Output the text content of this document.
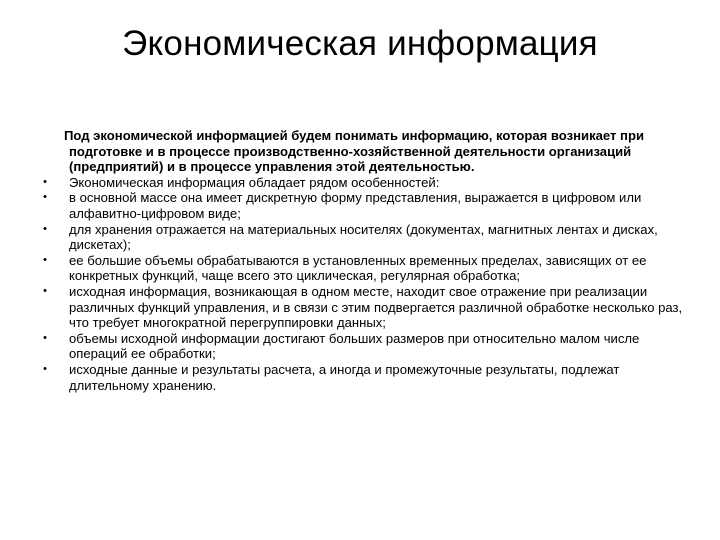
Экономическая информация

Под экономической информацией будем понимать информацию, которая возникает при подготовке и в процессе производственно-хозяйственной деятельности организаций (предприятий) и в процессе управления этой деятельностью.

•	Экономическая информация обладает рядом особенностей:
•	в основной массе она имеет дискретную форму представления, выражается в цифровом или алфавитно-цифровом виде;
•	для хранения отражается на материальных носителях (документах, магнитных лентах и дисках, дискетах);
•	ее большие объемы обрабатываются в установленных временных пределах, зависящих от ее конкретных функций, чаще всего это циклическая, регулярная обработка;
•	исходная информация, возникающая в одном месте, находит свое отражение при реализации различных функций управления, и в связи с этим подвергается различной обработке несколько раз, что требует многократной перегруппировки данных;
•	объемы исходной информации достигают больших размеров при относительно малом числе операций ее обработки;
•	исходные данные и результаты расчета, а иногда и промежуточные результаты, подлежат длительному хранению.
